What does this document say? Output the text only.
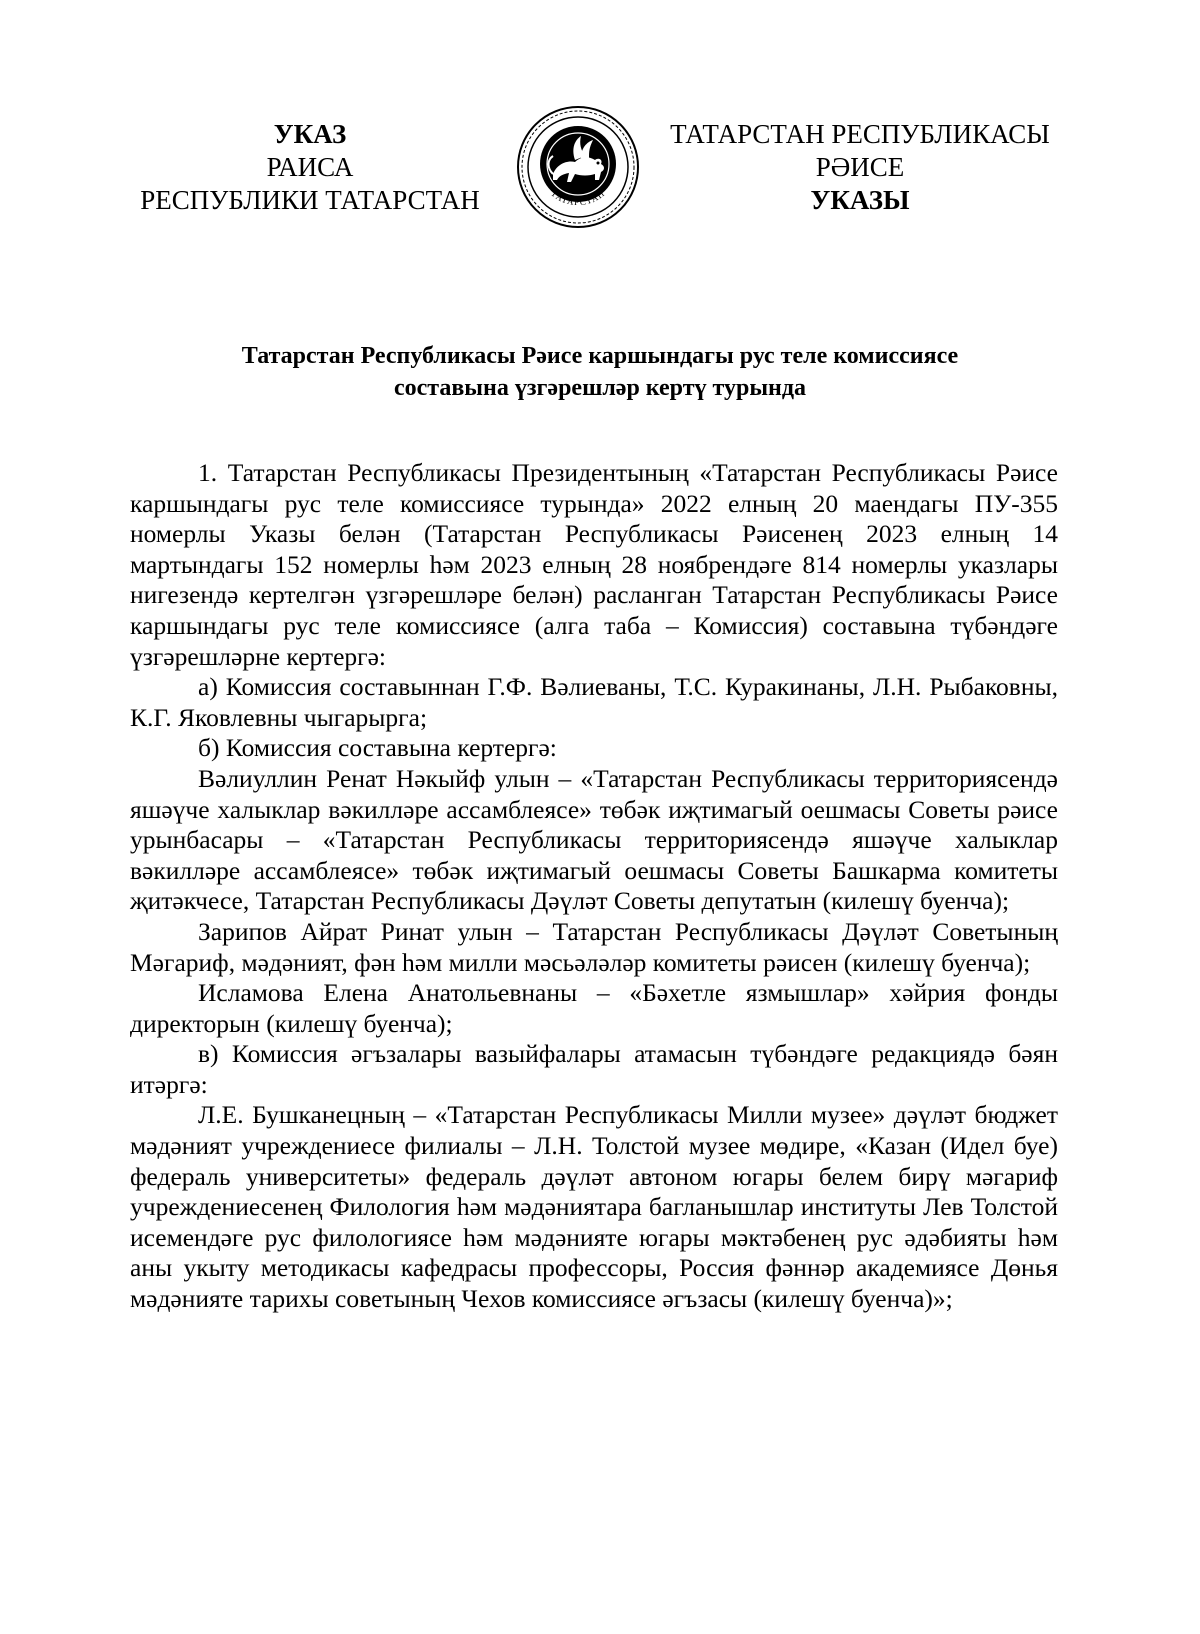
УКАЗ
РАИСА
РЕСПУБЛИКИ ТАТАРСТАН	ТАТАРСТАН
ТАТАРСТАН РЕСПУБЛИКАСЫ
РӘИСЕ
УКАЗЫ
Татарстан Республикасы Рәисе каршындагы рус теле комиссиясе
составына үзгәрешләр кертү турында

1. Татарстан Республикасы Президентының «Татарстан Республикасы Рәисе каршындагы рус теле комиссиясе турында» 2022 елның 20 маендагы ПУ-355 номерлы Указы белән (Татарстан Республикасы Рәисенең 2023 елның 14 мартындагы 152 номерлы һәм 2023 елның 28 ноябрендәге 814 номерлы указлары нигезендә кертелгән үзгәрешләре белән) расланган Татарстан Республикасы Рәисе каршындагы рус теле комиссиясе (алга таба – Комиссия) составына түбәндәге үзгәрешләрне кертергә:

а) Комиссия составыннан Г.Ф. Вәлиеваны, Т.С. Куракинаны, Л.Н. Рыбаковны, К.Г. Яковлевны чыгарырга;

б) Комиссия составына кертергә:

Вәлиуллин Ренат Нәкыйф улын – «Татарстан Республикасы территориясендә яшәүче халыклар вәкилләре ассамблеясе» төбәк иҗтимагый оешмасы Советы рәисе урынбасары – «Татарстан Республикасы территориясендә яшәүче халыклар вәкилләре ассамблеясе» төбәк иҗтимагый оешмасы Советы Башкарма комитеты җитәкчесе, Татарстан Республикасы Дәүләт Советы депутатын (килешү буенча);

Зарипов Айрат Ринат улын – Татарстан Республикасы Дәүләт Советының Мәгариф, мәдәният, фән һәм милли мәсьәләләр комитеты рәисен (килешү буенча);

Исламова Елена Анатольевнаны – «Бәхетле язмышлар» хәйрия фонды директорын (килешү буенча);

в) Комиссия әгъзалары вазыйфалары атамасын түбәндәге редакциядә бәян итәргә:

Л.Е. Бушканецның – «Татарстан Республикасы Милли музее» дәүләт бюджет мәдәният учреждениесе филиалы – Л.Н. Толстой музее мөдире, «Казан (Идел буе) федераль университеты» федераль дәүләт автоном югары белем бирү мәгариф учреждениесенең Филология һәм мәдәниятара багланышлар институты Лев Толстой исемендәге рус филологиясе һәм мәдәнияте югары мәктәбенең рус әдәбияты һәм аны укыту методикасы кафедрасы профессоры, Россия фәннәр академиясе Дөнья мәдәнияте тарихы советының Чехов комиссиясе әгъзасы (килешү буенча)»;
